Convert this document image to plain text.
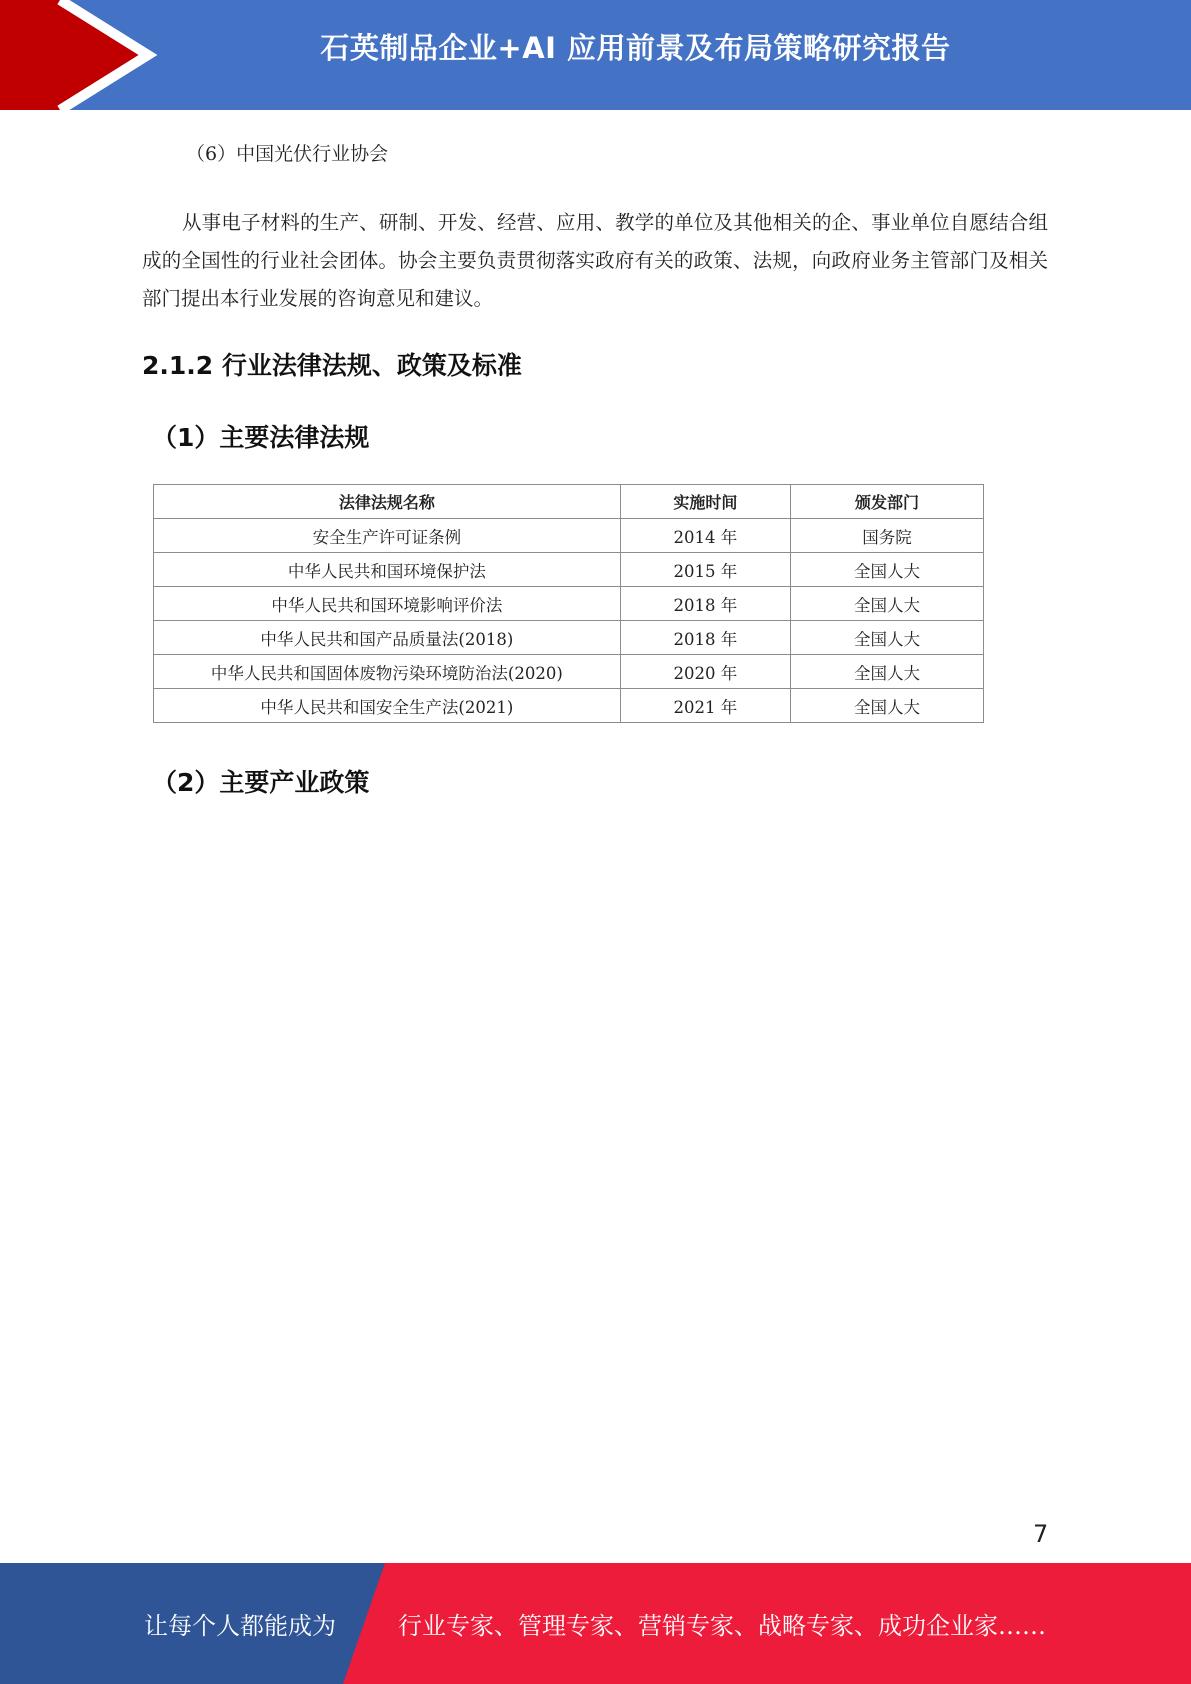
石英制品企业+AI 应用前景及布局策略研究报告
（6）中国光伏行业协会
从事电子材料的生产、研制、开发、经营、应用、教学的单位及其他相关的企、事业单位自愿结合组成的全国性的行业社会团体。协会主要负责贯彻落实政府有关的政策、法规，向政府业务主管部门及相关部门提出本行业发展的咨询意见和建议。
2.1.2 行业法律法规、政策及标准
（1）主要法律法规
法律法规名称	实施时间	颁发部门
安全生产许可证条例	2014 年	国务院
中华人民共和国环境保护法	2015 年	全国人大
中华人民共和国环境影响评价法	2018 年	全国人大
中华人民共和国产品质量法(2018)	2018 年	全国人大
中华人民共和国固体废物污染环境防治法(2020)	2020 年	全国人大
中华人民共和国安全生产法(2021)	2021 年	全国人大
（2）主要产业政策
7
让每个人都能成为	行业专家、管理专家、营销专家、战略专家、成功企业家……
